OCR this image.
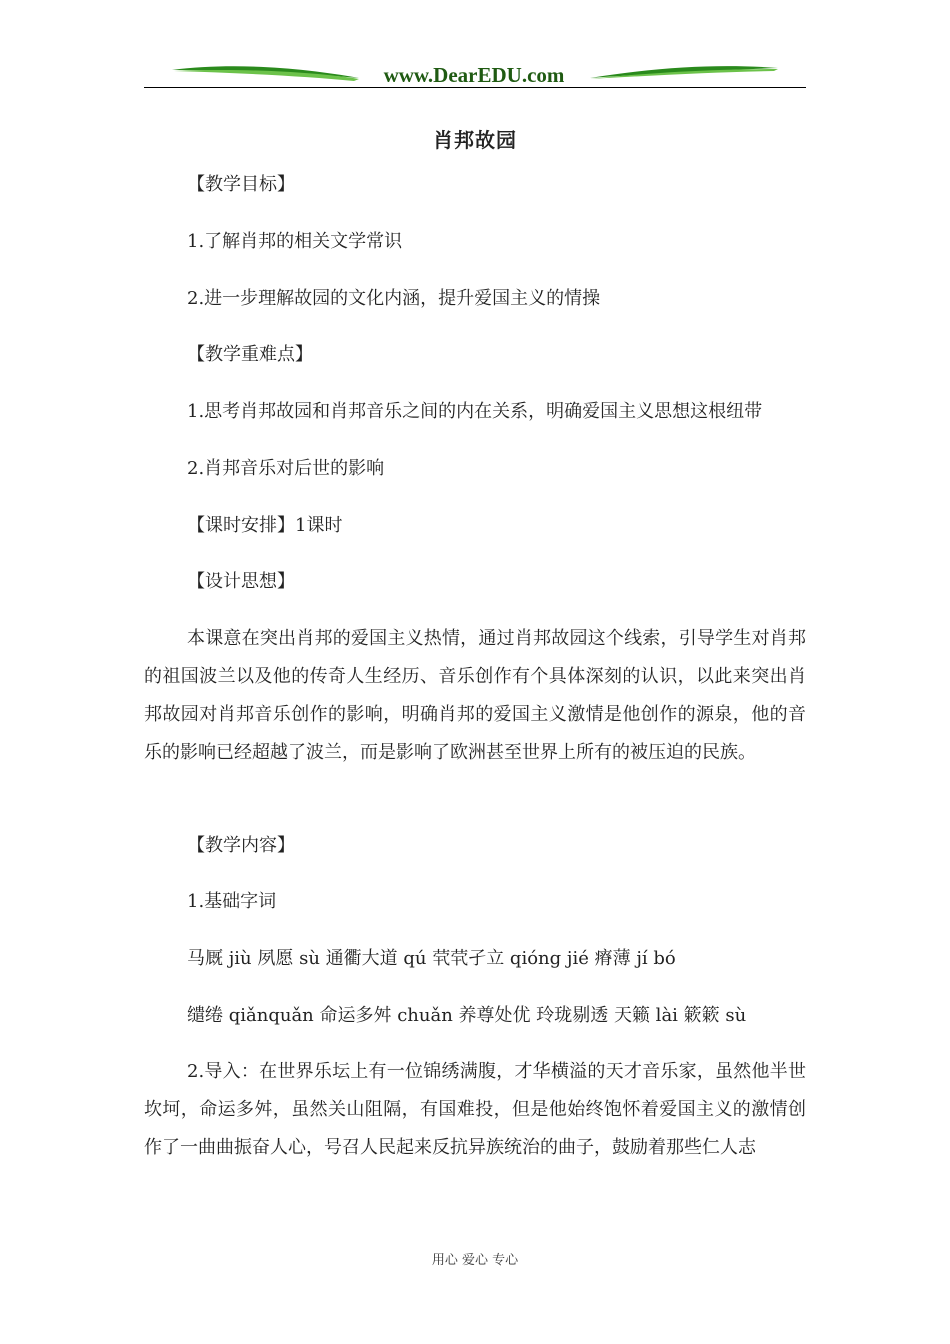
www.DearEDU.com
肖邦故园
【教学目标】
1.了解肖邦的相关文学常识
2.进一步理解故园的文化内涵，提升爱国主义的情操
【教学重难点】
1.思考肖邦故园和肖邦音乐之间的内在关系，明确爱国主义思想这根纽带
2.肖邦音乐对后世的影响
【课时安排】1课时
【设计思想】
本课意在突出肖邦的爱国主义热情，通过肖邦故园这个线索，引导学生对肖邦的祖国波兰以及他的传奇人生经历、音乐创作有个具体深刻的认识，以此来突出肖邦故园对肖邦音乐创作的影响，明确肖邦的爱国主义激情是他创作的源泉，他的音乐的影响已经超越了波兰，而是影响了欧洲甚至世界上所有的被压迫的民族。
【教学内容】
1.基础字词
马厩 jiù 夙愿 sù 通衢大道 qú 茕茕孑立 qióng jié 瘠薄 jí bó
缱绻 qiǎnquǎn 命运多舛 chuǎn 养尊处优 玲珑剔透 天籁 lài 簌簌 sù
2.导入：在世界乐坛上有一位锦绣满腹，才华横溢的天才音乐家，虽然他半世坎坷，命运多舛，虽然关山阻隔，有国难投，但是他始终饱怀着爱国主义的激情创作了一曲曲振奋人心，号召人民起来反抗异族统治的曲子，鼓励着那些仁人志
用心 爱心 专心
